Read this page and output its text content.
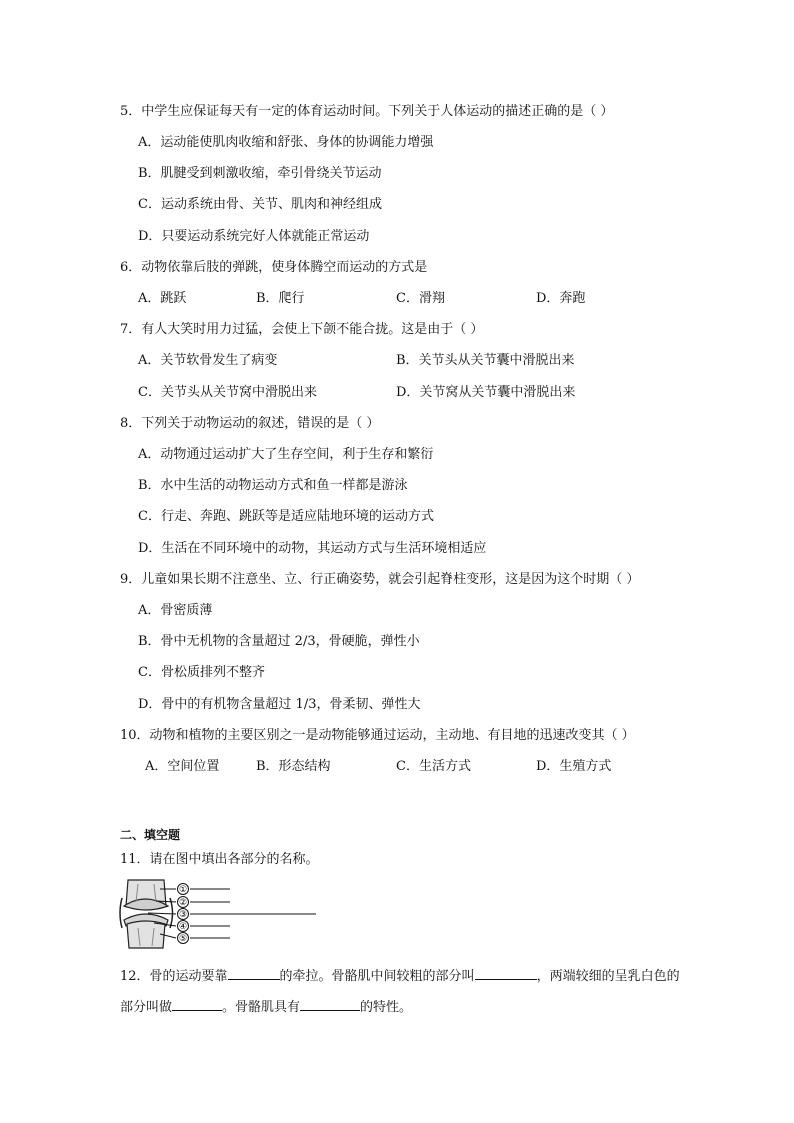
5．中学生应保证每天有一定的体育运动时间。下列关于人体运动的描述正确的是（ ）
A．运动能使肌肉收缩和舒张、身体的协调能力增强
B．肌腱受到刺激收缩，牵引骨绕关节运动
C．运动系统由骨、关节、肌肉和神经组成
D．只要运动系统完好人体就能正常运动
6．动物依靠后肢的弹跳，使身体腾空而运动的方式是
A．跳跃	B．爬行	C．滑翔	D．奔跑
7．有人大笑时用力过猛，会使上下颌不能合拢。这是由于（ ）
A．关节软骨发生了病变	B．关节头从关节囊中滑脱出来
C．关节头从关节窝中滑脱出来	D．关节窝从关节囊中滑脱出来
8．下列关于动物运动的叙述，错误的是（ ）
A．动物通过运动扩大了生存空间，利于生存和繁衍
B．水中生活的动物运动方式和鱼一样都是游泳
C．行走、奔跑、跳跃等是适应陆地环境的运动方式
D．生活在不同环境中的动物，其运动方式与生活环境相适应
9．儿童如果长期不注意坐、立、行正确姿势，就会引起脊柱变形，这是因为这个时期（ ）
A．骨密质薄
B．骨中无机物的含量超过 2/3，骨硬脆，弹性小
C．骨松质排列不整齐
D．骨中的有机物含量超过 1/3，骨柔韧、弹性大
10．动物和植物的主要区别之一是动物能够通过运动，主动地、有目地的迅速改变其（ ）
A．空间位置	B．形态结构	C．生活方式	D．生殖方式
二、填空题
11．请在图中填出各部分的名称。
①
②
③
④
⑤
12．骨的运动要靠	的牵拉。骨骼肌中间较粗的部分叫	，两端较细的呈乳白色的部分叫做	。骨骼肌具有	的特性。
